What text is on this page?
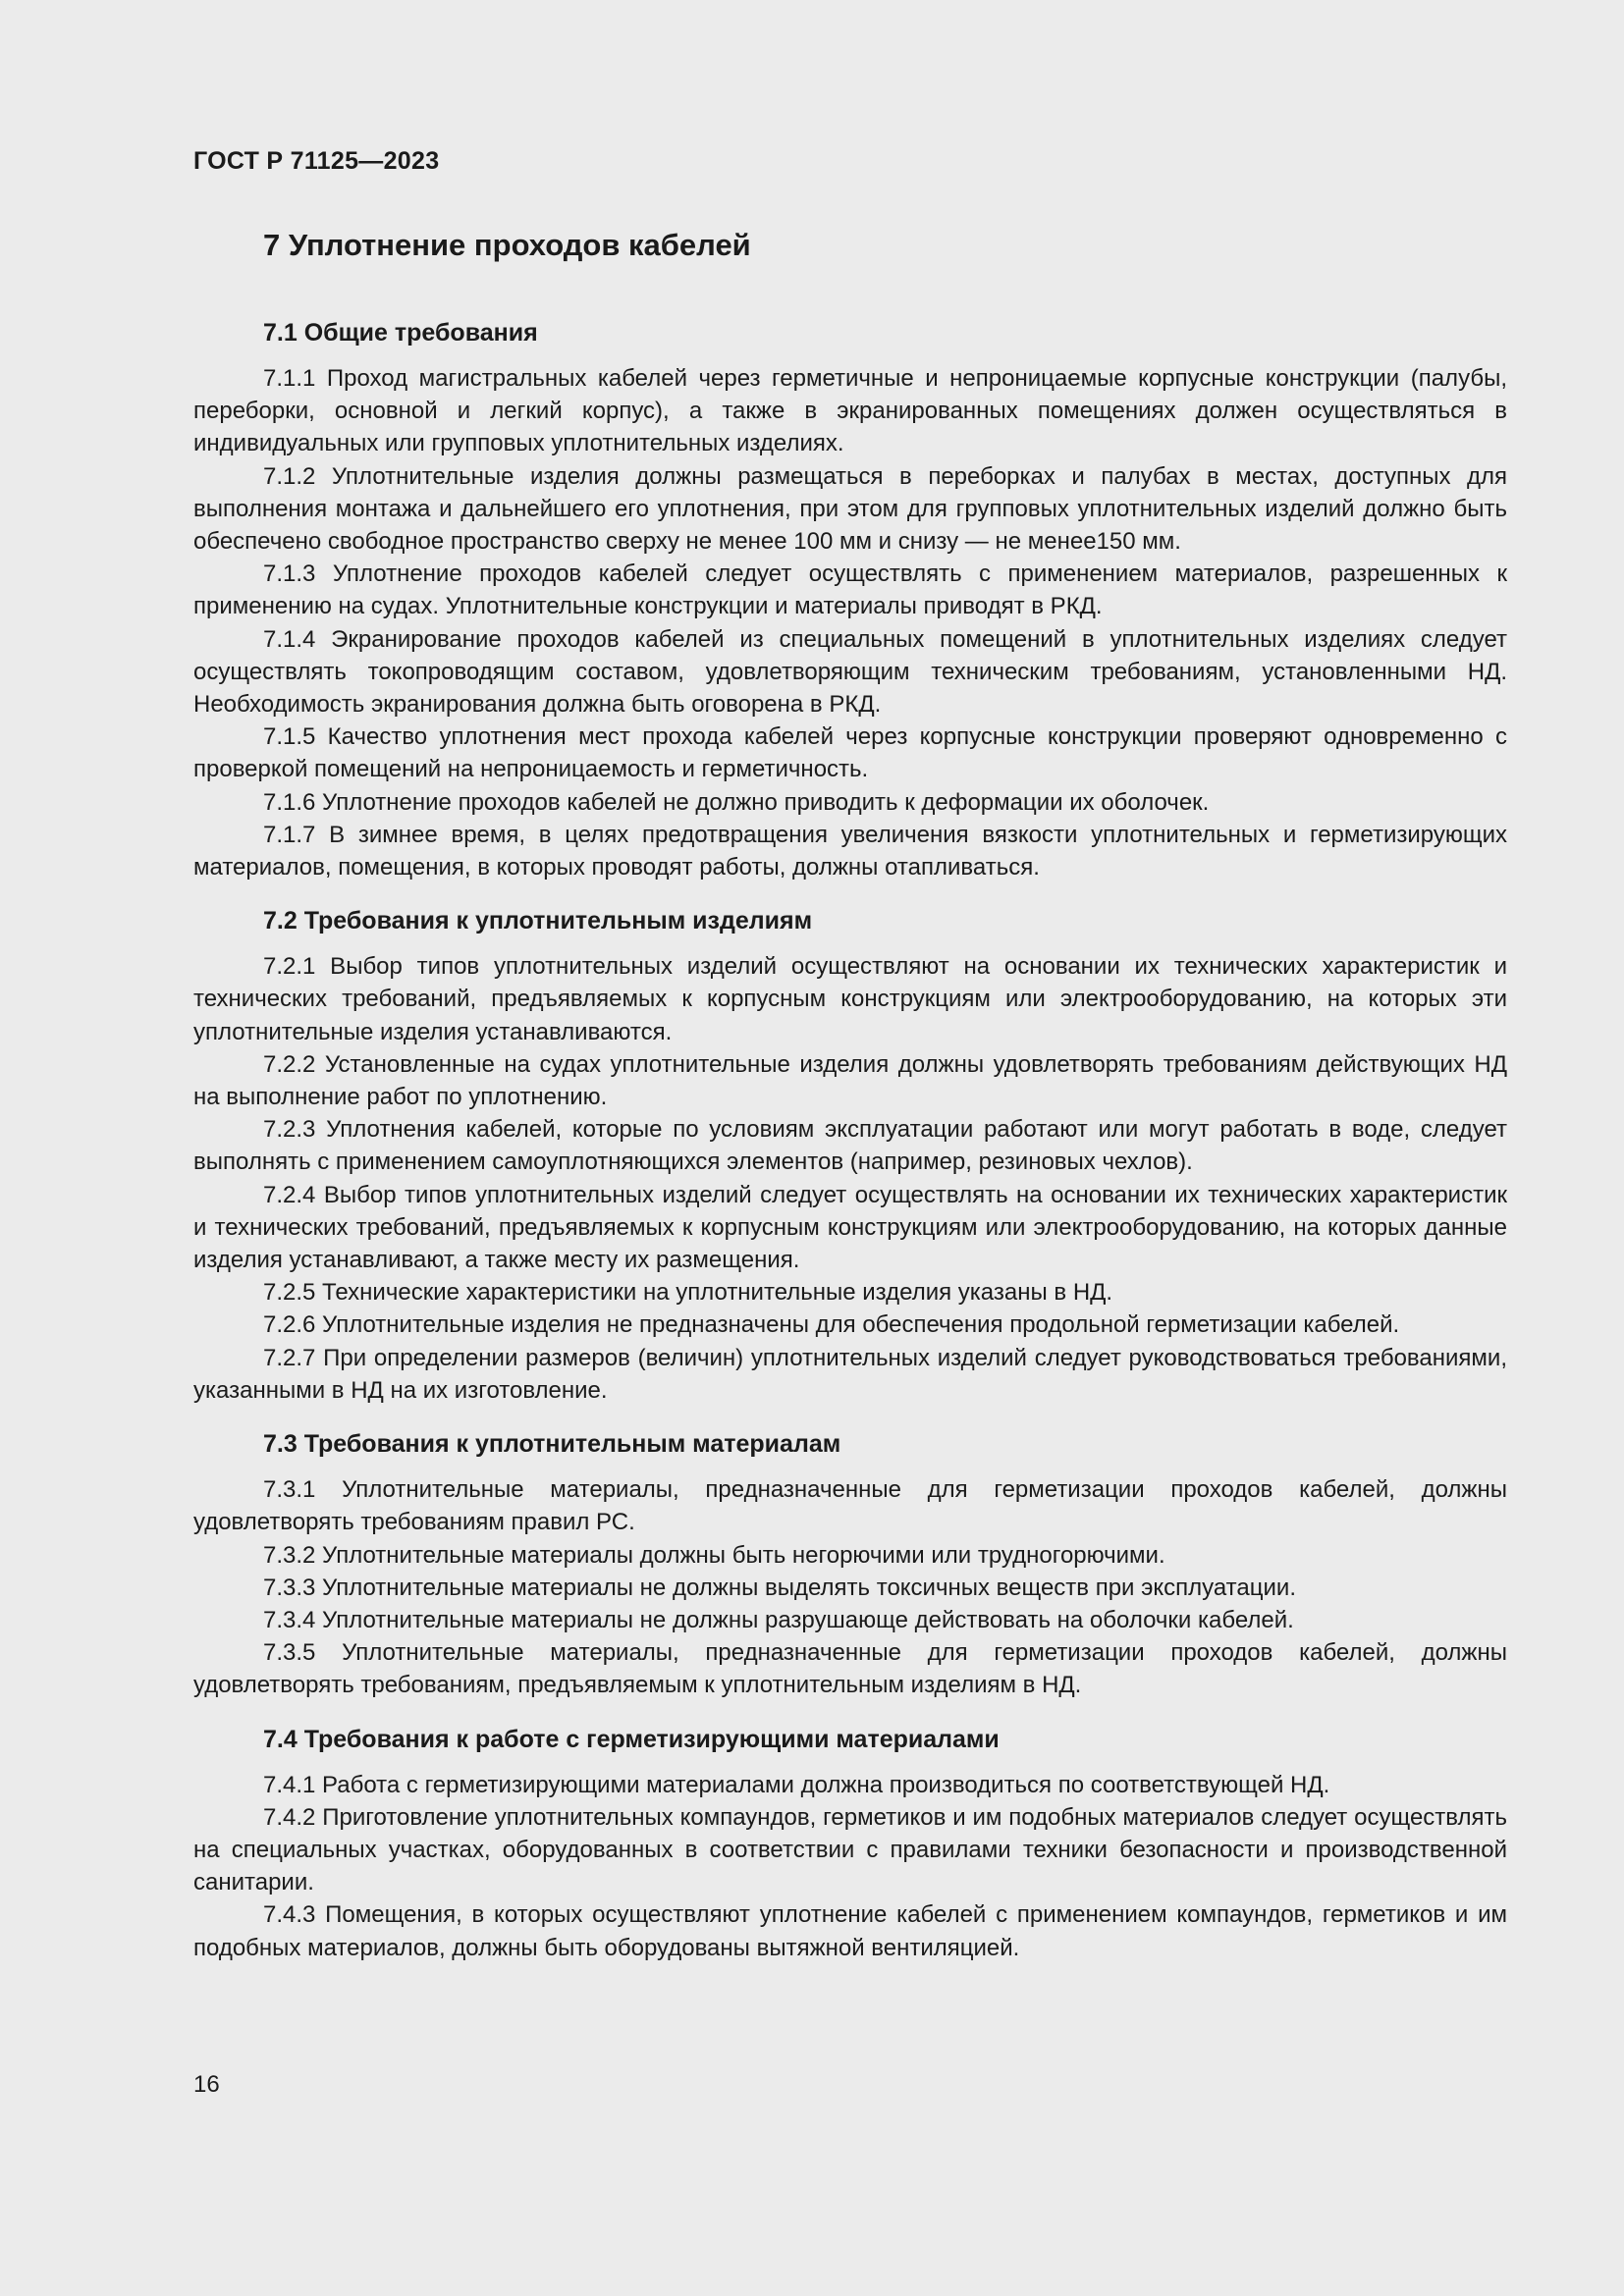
ГОСТ Р 71125—2023
7 Уплотнение проходов кабелей
7.1 Общие требования

7.1.1 Проход магистральных кабелей через герметичные и непроницаемые корпусные конструкции (палубы, переборки, основной и легкий корпус), а также в экранированных помещениях должен осуществляться в индивидуальных или групповых уплотнительных изделиях.

7.1.2 Уплотнительные изделия должны размещаться в переборках и палубах в местах, доступных для выполнения монтажа и дальнейшего его уплотнения, при этом для групповых уплотнительных изделий должно быть обеспечено свободное пространство сверху не менее 100 мм и снизу — не менее150 мм.

7.1.3 Уплотнение проходов кабелей следует осуществлять с применением материалов, разрешенных к применению на судах. Уплотнительные конструкции и материалы приводят в РКД.

7.1.4 Экранирование проходов кабелей из специальных помещений в уплотнительных изделиях следует осуществлять токопроводящим составом, удовлетворяющим техническим требованиям, установленными НД. Необходимость экранирования должна быть оговорена в РКД.

7.1.5 Качество уплотнения мест прохода кабелей через корпусные конструкции проверяют одновременно с проверкой помещений на непроницаемость и герметичность.

7.1.6 Уплотнение проходов кабелей не должно приводить к деформации их оболочек.

7.1.7 В зимнее время, в целях предотвращения увеличения вязкости уплотнительных и герметизирующих материалов, помещения, в которых проводят работы, должны отапливаться.

7.2 Требования к уплотнительным изделиям

7.2.1 Выбор типов уплотнительных изделий осуществляют на основании их технических характеристик и технических требований, предъявляемых к корпусным конструкциям или электрооборудованию, на которых эти уплотнительные изделия устанавливаются.

7.2.2 Установленные на судах уплотнительные изделия должны удовлетворять требованиям действующих НД на выполнение работ по уплотнению.

7.2.3 Уплотнения кабелей, которые по условиям эксплуатации работают или могут работать в воде, следует выполнять с применением самоуплотняющихся элементов (например, резиновых чехлов).

7.2.4 Выбор типов уплотнительных изделий следует осуществлять на основании их технических характеристик и технических требований, предъявляемых к корпусным конструкциям или электрооборудованию, на которых данные изделия устанавливают, а также месту их размещения.

7.2.5 Технические характеристики на уплотнительные изделия указаны в НД.

7.2.6 Уплотнительные изделия не предназначены для обеспечения продольной герметизации кабелей.

7.2.7 При определении размеров (величин) уплотнительных изделий следует руководствоваться требованиями, указанными в НД на их изготовление.

7.3 Требования к уплотнительным материалам

7.3.1 Уплотнительные материалы, предназначенные для герметизации проходов кабелей, должны удовлетворять требованиям правил РС.

7.3.2 Уплотнительные материалы должны быть негорючими или трудногорючими.

7.3.3 Уплотнительные материалы не должны выделять токсичных веществ при эксплуатации.

7.3.4 Уплотнительные материалы не должны разрушающе действовать на оболочки кабелей.

7.3.5 Уплотнительные материалы, предназначенные для герметизации проходов кабелей, должны удовлетворять требованиям, предъявляемым к уплотнительным изделиям в НД.

7.4 Требования к работе с герметизирующими материалами

7.4.1 Работа с герметизирующими материалами должна производиться по соответствующей НД.

7.4.2 Приготовление уплотнительных компаундов, герметиков и им подобных материалов следует осуществлять на специальных участках, оборудованных в соответствии с правилами техники безопасности и производственной санитарии.

7.4.3 Помещения, в которых осуществляют уплотнение кабелей с применением компаундов, герметиков и им подобных материалов, должны быть оборудованы вытяжной вентиляцией.

16
